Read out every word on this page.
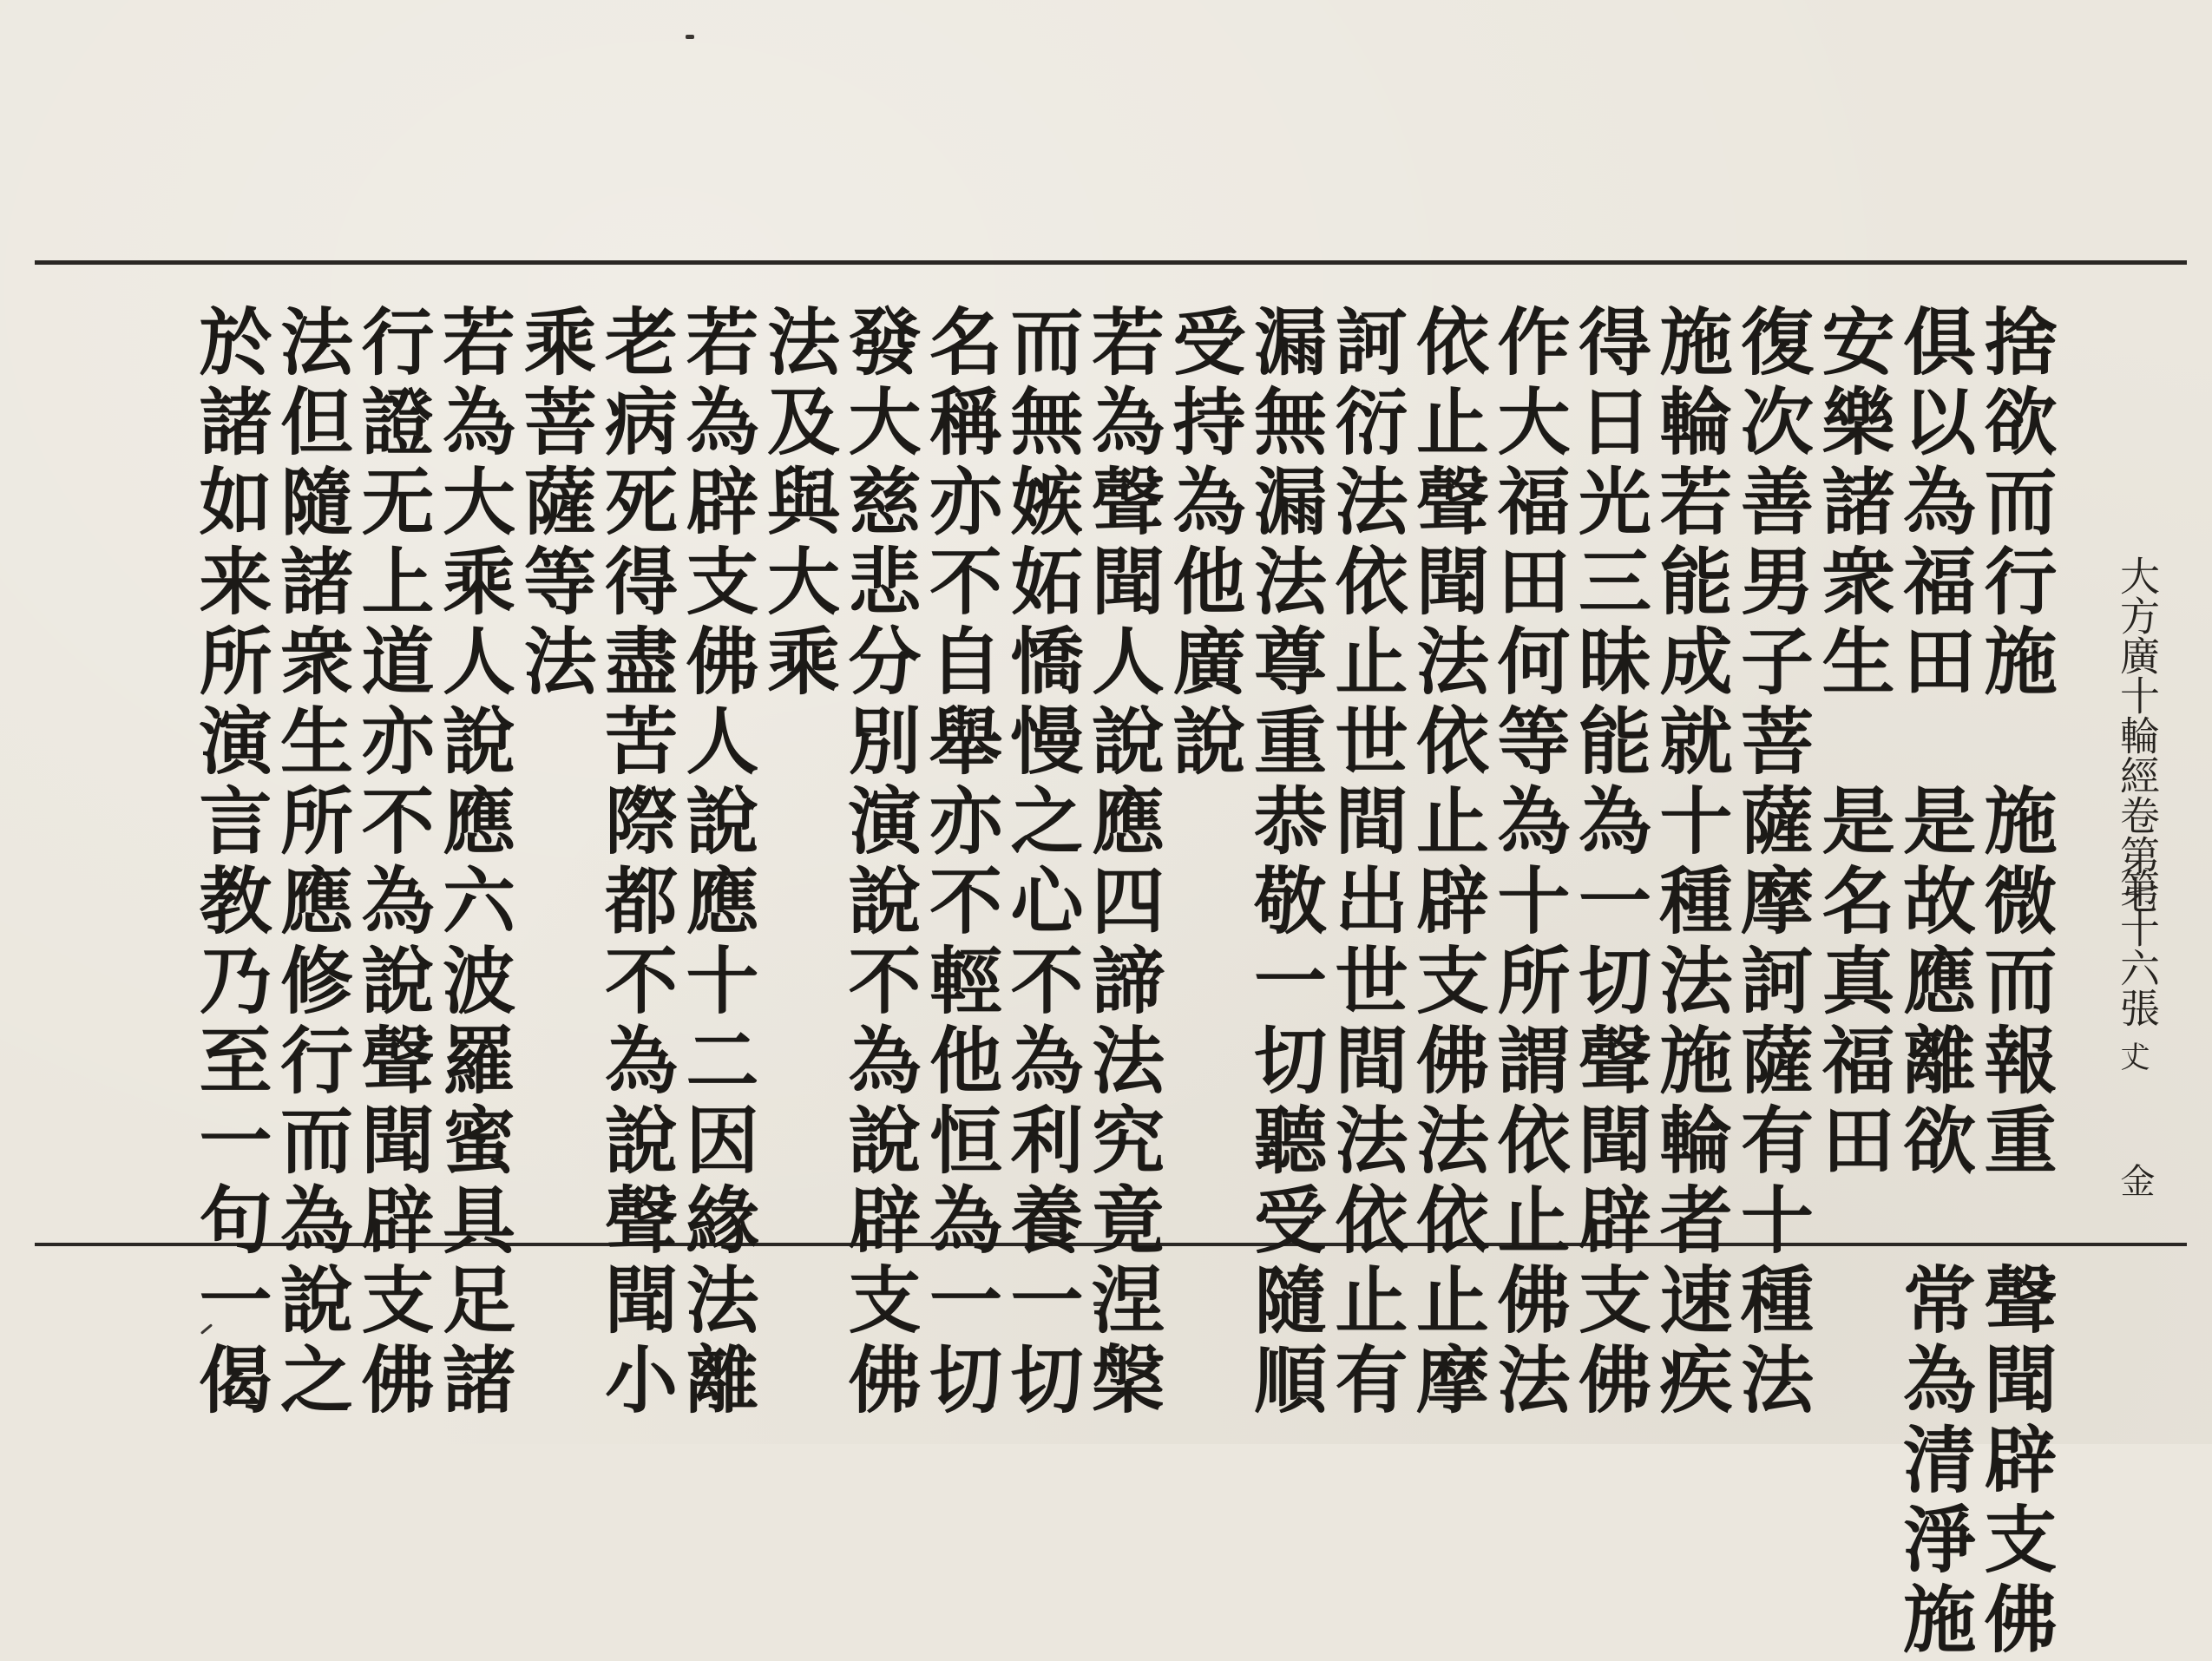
捨欲而行施　施微而報重　聲聞辟支佛
俱以為福田　是故應離欲　常為清淨施
安樂諸衆生　是名真福田
復次善男子菩薩摩訶薩有十種法
施輪若能成就十種法施輪者速疾
得日光三昧能為一切聲聞辟支佛
作大福田何等為十所謂依止佛法
依止聲聞法依止辟支佛法依止摩
訶衍法依止世間出世間法依止有
漏無漏法尊重恭敬一切聽受隨順
受持為他廣說
若為聲聞人說應四諦法究竟涅槃
而無嫉妬憍慢之心不為利養一切
名稱亦不自舉亦不輕他恒為一切
發大慈悲分別演說不為說辟支佛
法及與大乘
若為辟支佛人說應十二因緣法離
老病死得盡苦際都不為說聲聞小
乘菩薩等法
若為大乘人說應六波羅蜜具足諸
行證无上道亦不為說聲聞辟支佛
法但隨諸衆生所應修行而為說之
於諸如来所演言教乃至一句一偈	大方廣十輪經卷第七
第十六張
𠀋
金
